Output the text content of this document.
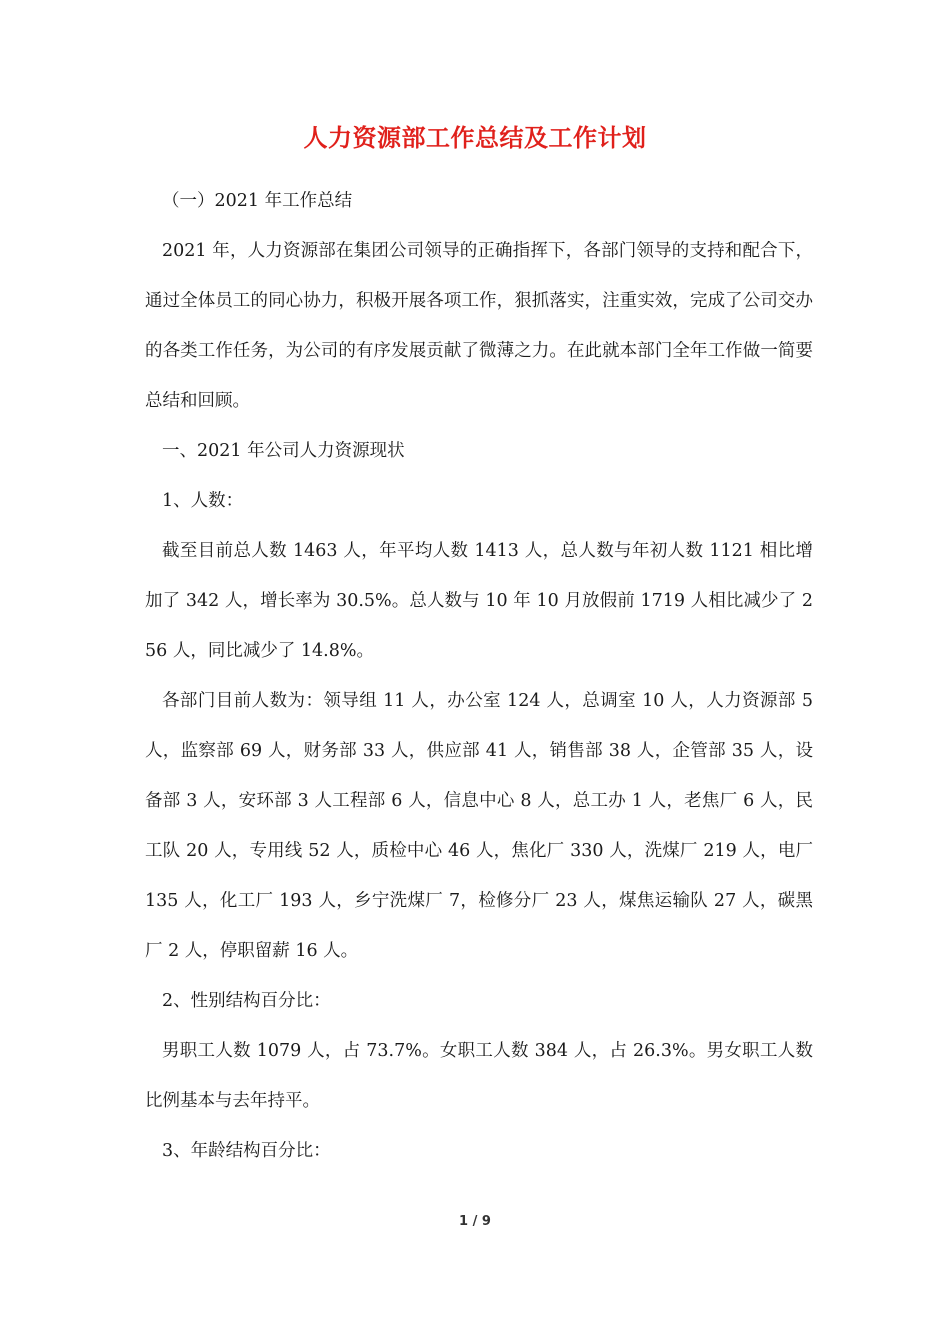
人力资源部工作总结及工作计划

（一）2021 年工作总结

2021 年，人力资源部在集团公司领导的正确指挥下，各部门领导的支持和配合下，通过全体员工的同心协力，积极开展各项工作，狠抓落实，注重实效，完成了公司交办的各类工作任务，为公司的有序发展贡献了微薄之力。在此就本部门全年工作做一简要总结和回顾。

一、2021 年公司人力资源现状

1、人数：

截至目前总人数 1463 人，年平均人数 1413 人，总人数与年初人数 1121 相比增加了 342 人，增长率为 30.5%。总人数与 10 年 10 月放假前 1719 人相比减少了 256 人，同比减少了 14.8%。

各部门目前人数为：领导组 11 人，办公室 124 人，总调室 10 人，人力资源部 5 人，监察部 69 人，财务部 33 人，供应部 41 人，销售部 38 人，企管部 35 人，设备部 3 人，安环部 3 人工程部 6 人，信息中心 8 人，总工办 1 人，老焦厂 6 人，民工队 20 人，专用线 52 人，质检中心 46 人，焦化厂 330 人，洗煤厂 219 人，电厂 135 人，化工厂 193 人，乡宁洗煤厂 7，检修分厂 23 人，煤焦运输队 27 人，碳黑厂 2 人，停职留薪 16 人。

2、性别结构百分比：

男职工人数 1079 人，占 73.7%。女职工人数 384 人，占 26.3%。男女职工人数比例基本与去年持平。

3、年龄结构百分比：

1 / 9
